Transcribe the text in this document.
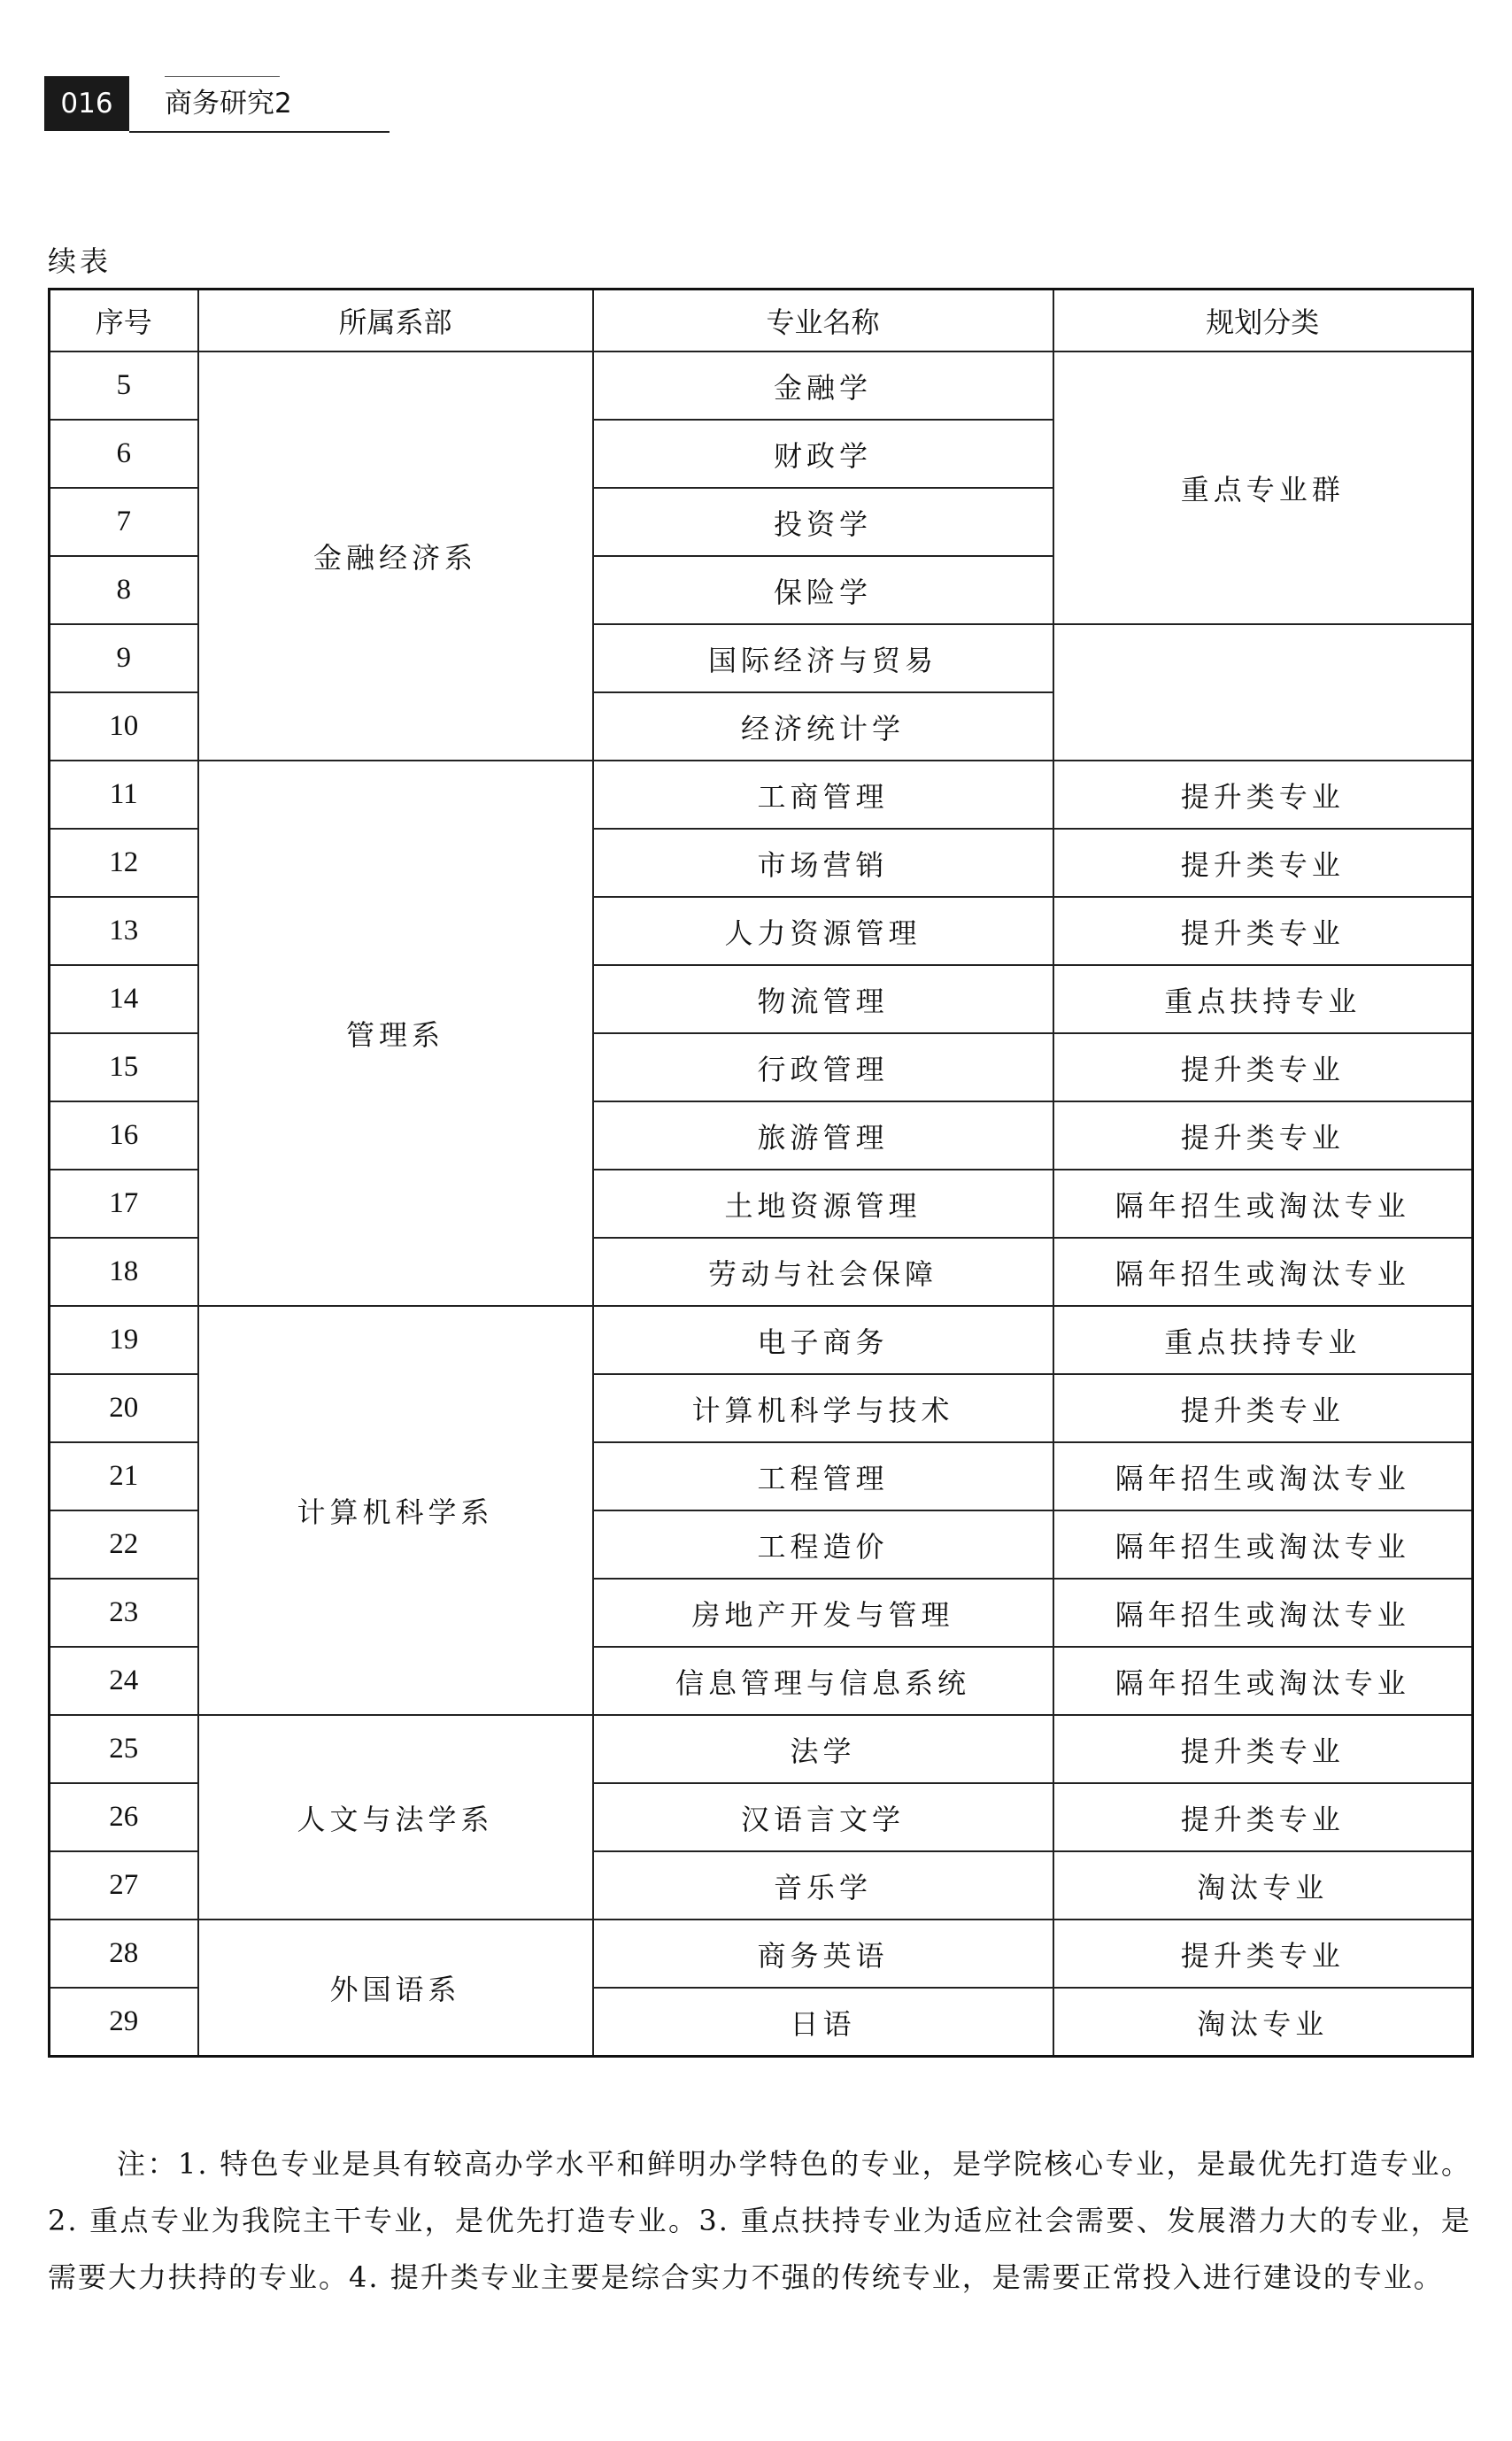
016	商务研究2
续表
序号	所属系部	专业名称	规划分类
5	金融经济系	金融学	重点专业群
6		财政学	
7		投资学	
8		保险学	
9		国际经济与贸易	
10		经济统计学	
11	管理系	工商管理	提升类专业
12		市场营销	提升类专业
13		人力资源管理	提升类专业
14		物流管理	重点扶持专业
15		行政管理	提升类专业
16		旅游管理	提升类专业
17		土地资源管理	隔年招生或淘汰专业
18		劳动与社会保障	隔年招生或淘汰专业
19	计算机科学系	电子商务	重点扶持专业
20		计算机科学与技术	提升类专业
21		工程管理	隔年招生或淘汰专业
22		工程造价	隔年招生或淘汰专业
23		房地产开发与管理	隔年招生或淘汰专业
24		信息管理与信息系统	隔年招生或淘汰专业
25	人文与法学系	法学	提升类专业
26		汉语言文学	提升类专业
27		音乐学	淘汰专业
28	外国语系	商务英语	提升类专业
29		日语	淘汰专业

注：1. 特色专业是具有较高办学水平和鲜明办学特色的专业，是学院核心专业，是最优先打造专业。2. 重点专业为我院主干专业，是优先打造专业。3. 重点扶持专业为适应社会需要、发展潜力大的专业，是需要大力扶持的专业。4. 提升类专业主要是综合实力不强的传统专业，是需要正常投入进行建设的专业。
